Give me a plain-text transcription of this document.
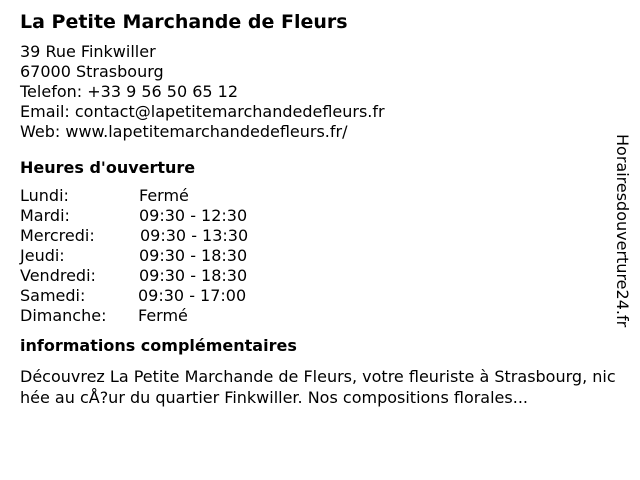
La Petite Marchande de Fleurs
39 Rue Finkwiller
67000 Strasbourg
Telefon: +33 9 56 50 65 12
Email: contact@lapetitemarchandedefleurs.fr
Web: www.lapetitemarchandedefleurs.fr/
Heures d'ouverture
Lundi:	Fermé
Mardi:	09:30 - 12:30
Mercredi:	09:30 - 13:30
Jeudi:	09:30 - 18:30
Vendredi:	09:30 - 18:30
Samedi:	09:30 - 17:00
Dimanche:	Fermé
informations complémentaires
Découvrez La Petite Marchande de Fleurs, votre fleuriste à Strasbourg, nichée au cÅ?ur du quartier Finkwiller. Nos compositions florales...
Horairesdouverture24.fr
